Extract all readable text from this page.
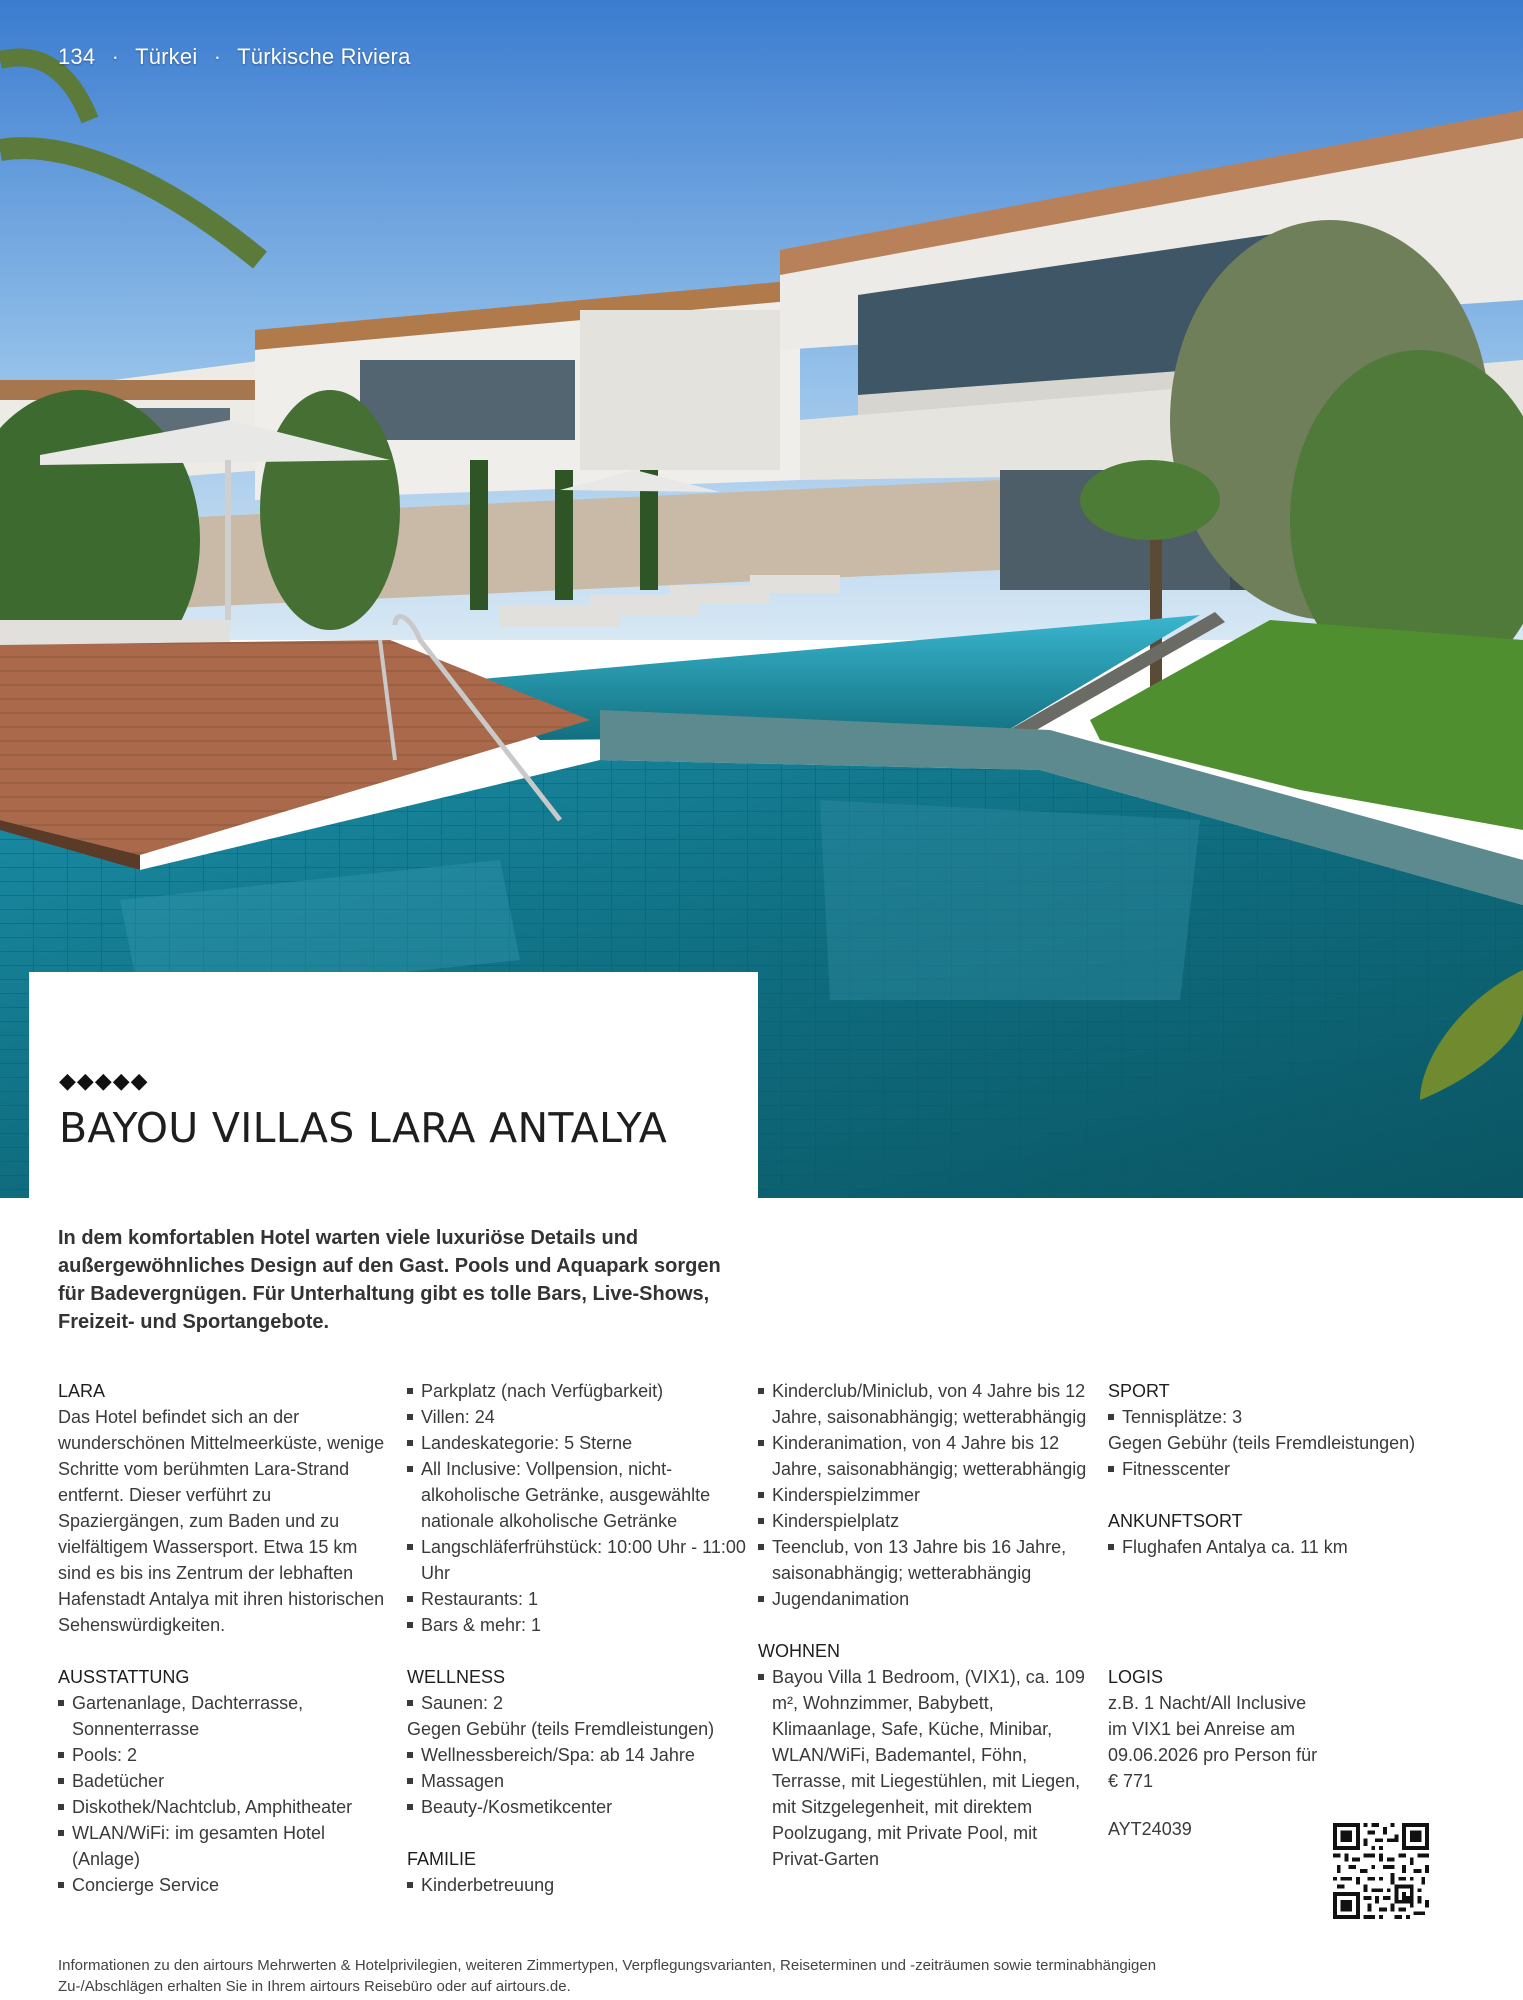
134 · Türkei · Türkische Riviera
◆◆◆◆◆
BAYOU VILLAS LARA ANTALYA

In dem komfortablen Hotel warten viele luxuriöse Details und außergewöhnliches Design auf den Gast. Pools und Aquapark sorgen für Badevergnügen. Für Unterhaltung gibt es tolle Bars, Live-Shows, Freizeit- und Sportangebote.

LARA

Das Hotel befindet sich an der wunderschönen Mittelmeerküste, wenige Schritte vom berühmten Lara-Strand entfernt. Dieser verführt zu Spaziergängen, zum Baden und zu vielfältigem Wassersport. Etwa 15 km sind es bis ins Zentrum der lebhaften Hafenstadt Antalya mit ihren historischen Sehenswürdigkeiten.

AUSSTATTUNG
Gartenanlage, Dachterrasse, Sonnenterrasse
Pools: 2
Badetücher
Diskothek/Nachtclub, Amphitheater
WLAN/WiFi: im gesamten Hotel (Anlage)
Concierge Service
Parkplatz (nach Verfügbarkeit)
Villen: 24
Landeskategorie: 5 Sterne
All Inclusive: Vollpension, nicht-alkoholische Getränke, ausgewählte nationale alkoholische Getränke
Langschläferfrühstück: 10:00 Uhr - 11:00 Uhr
Restaurants: 1
Bars & mehr: 1
WELLNESS
Saunen: 2

Gegen Gebühr (teils Fremdleistungen)

Wellnessbereich/Spa: ab 14 Jahre
Massagen
Beauty-/Kosmetikcenter
FAMILIE
Kinderbetreuung
Kinderclub/Miniclub, von 4 Jahre bis 12 Jahre, saisonabhängig; wetterabhängig
Kinderanimation, von 4 Jahre bis 12 Jahre, saisonabhängig; wetterabhängig
Kinderspielzimmer
Kinderspielplatz
Teenclub, von 13 Jahre bis 16 Jahre, saisonabhängig; wetterabhängig
Jugendanimation
WOHNEN
Bayou Villa 1 Bedroom, (VIX1), ca. 109 m², Wohnzimmer, Babybett, Klimaanlage, Safe, Küche, Minibar, WLAN/WiFi, Bademantel, Föhn, Terrasse, mit Liegestühlen, mit Liegen, mit Sitzgelegenheit, mit direktem Poolzugang, mit Private Pool, mit Privat-Garten
SPORT
Tennisplätze: 3

Gegen Gebühr (teils Fremdleistungen)

Fitnesscenter
ANKUNFTSORT
Flughafen Antalya ca. 11 km
LOGIS

z.B. 1 Nacht/All Inclusive im VIX1 bei Anreise am 09.06.2026 pro Person für € 771

AYT24039

Informationen zu den airtours Mehrwerten & Hotelprivilegien, weiteren Zimmertypen, Verpflegungsvarianten, Reiseterminen und -zeiträumen sowie terminabhängigen Zu-/Abschlägen erhalten Sie in Ihrem airtours Reisebüro oder auf airtours.de.
